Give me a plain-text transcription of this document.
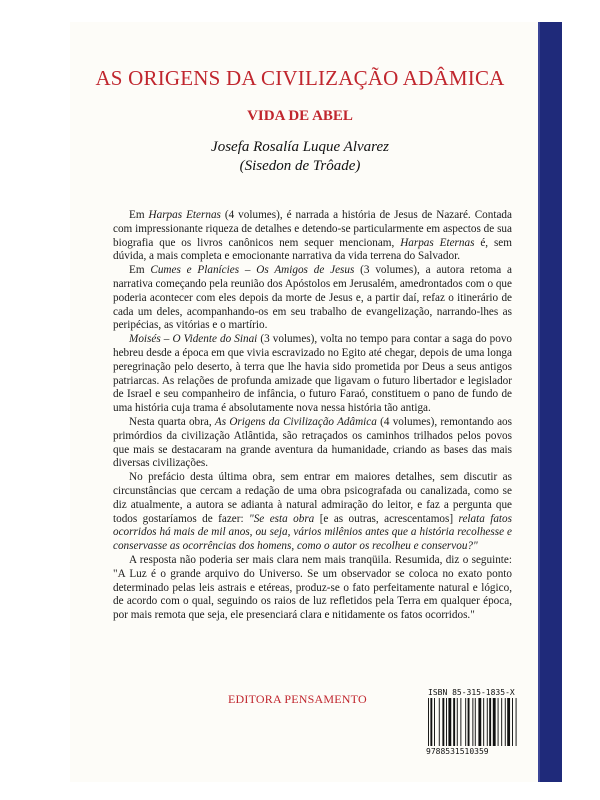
AS ORIGENS DA CIVILIZAÇÃO ADÂMICA
VIDA DE ABEL
Josefa Rosalía Luque Alvarez
(Sisedon de Trôade)

Em Harpas Eternas (4 volumes), é narrada a história de Jesus de Nazaré. Contada com impressionante riqueza de detalhes e detendo-se particularmente em aspectos de sua biografia que os livros canônicos nem sequer mencionam, Harpas Eternas é, sem dúvida, a mais completa e emocionante narrativa da vida terrena do Salvador.

Em Cumes e Planícies – Os Amigos de Jesus (3 volumes), a autora retoma a narrativa começando pela reunião dos Apóstolos em Jerusalém, amedrontados com o que poderia acontecer com eles depois da morte de Jesus e, a partir daí, refaz o itinerário de cada um deles, acompanhando-os em seu trabalho de evangelização, narrando-lhes as peripécias, as vitórias e o martírio.

Moisés – O Vidente do Sinai (3 volumes), volta no tempo para contar a saga do povo hebreu desde a época em que vivia escravizado no Egito até chegar, depois de uma longa peregrinação pelo deserto, à terra que lhe havia sido prometida por Deus a seus antigos patriarcas. As relações de profunda amizade que ligavam o futuro libertador e legislador de Israel e seu companheiro de infância, o futuro Faraó, constituem o pano de fundo de uma história cuja trama é absolutamente nova nessa história tão antiga.

Nesta quarta obra, As Origens da Civilização Adâmica (4 volumes), remontando aos primórdios da civilização Atlântida, são retraçados os caminhos trilhados pelos povos que mais se destacaram na grande aventura da humanidade, criando as bases das mais diversas civilizações.

No prefácio desta última obra, sem entrar em maiores detalhes, sem discutir as circunstâncias que cercam a redação de uma obra psicografada ou canalizada, como se diz atualmente, a autora se adianta à natural admiração do leitor, e faz a pergunta que todos gostaríamos de fazer: "Se esta obra [e as outras, acrescentamos] relata fatos ocorridos há mais de mil anos, ou seja, vários milênios antes que a história recolhesse e conservasse as ocorrências dos homens, como o autor os recolheu e conservou?"

A resposta não poderia ser mais clara nem mais tranqüila. Resumida, diz o seguinte: "A Luz é o grande arquivo do Universo. Se um observador se coloca no exato ponto determinado pelas leis astrais e etéreas, produz-se o fato perfeitamente natural e lógico, de acordo com o qual, seguindo os raios de luz refletidos pela Terra em qualquer época, por mais remota que seja, ele presenciará clara e nitidamente os fatos ocorridos."

EDITORA PENSAMENTO	ISBN 85-315-1835-X
9788531510359
